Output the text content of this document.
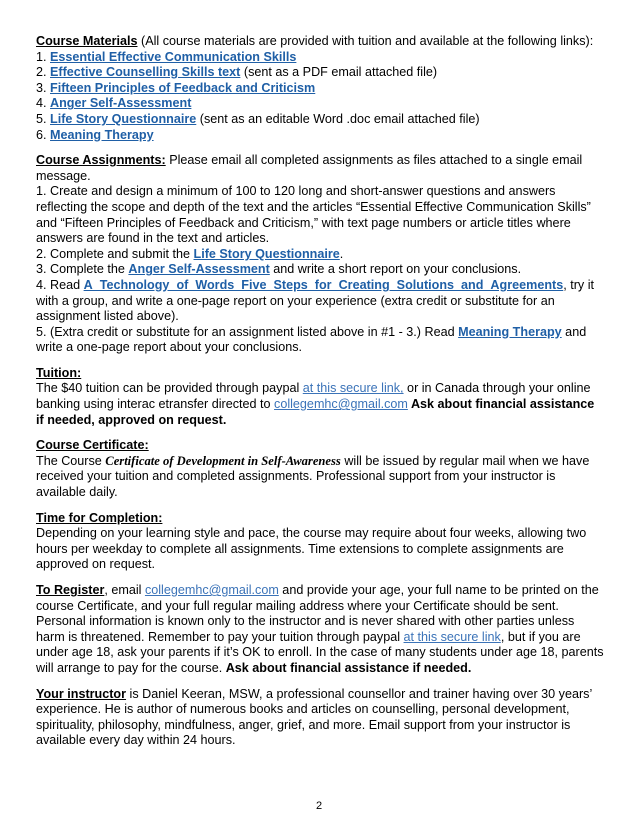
Course Materials (All course materials are provided with tuition and available at the following links):
1. Essential Effective Communication Skills
2. Effective Counselling Skills text (sent as a PDF email attached file)
3. Fifteen Principles of Feedback and Criticism
4. Anger Self-Assessment
5. Life Story Questionnaire (sent as an editable Word .doc email attached file)
6. Meaning Therapy
Course Assignments: Please email all completed assignments as files attached to a single email message.
1. Create and design a minimum of 100 to 120 long and short-answer questions and answers reflecting the scope and depth of the text and the articles “Essential Effective Communication Skills” and “Fifteen Principles of Feedback and Criticism,” with text page numbers or article titles where answers are found in the text and articles.
2. Complete and submit the Life Story Questionnaire.
3. Complete the Anger Self-Assessment and write a short report on your conclusions.
4. Read A_Technology_of_Words_Five_Steps_for_Creating_Solutions_and_Agreements, try it with a group, and write a one-page report on your experience (extra credit or substitute for an assignment listed above).
5. (Extra credit or substitute for an assignment listed above in #1 - 3.) Read Meaning Therapy and write a one-page report about your conclusions.
Tuition:
The $40 tuition can be provided through paypal at this secure link, or in Canada through your online banking using interac etransfer directed to collegemhc@gmail.com Ask about financial assistance if needed, approved on request.
Course Certificate:
The Course Certificate of Development in Self-Awareness will be issued by regular mail when we have received your tuition and completed assignments. Professional support from your instructor is available daily.
Time for Completion:
Depending on your learning style and pace, the course may require about four weeks, allowing two hours per weekday to complete all assignments. Time extensions to complete assignments are approved on request.
To Register, email collegemhc@gmail.com and provide your age, your full name to be printed on the course Certificate, and your full regular mailing address where your Certificate should be sent. Personal information is known only to the instructor and is never shared with other parties unless harm is threatened. Remember to pay your tuition through paypal at this secure link, but if you are under age 18, ask your parents if it’s OK to enroll. In the case of many students under age 18, parents will arrange to pay for the course. Ask about financial assistance if needed.
Your instructor is Daniel Keeran, MSW, a professional counsellor and trainer having over 30 years’ experience. He is author of numerous books and articles on counselling, personal development, spirituality, philosophy, mindfulness, anger, grief, and more. Email support from your instructor is available every day within 24 hours.
2
